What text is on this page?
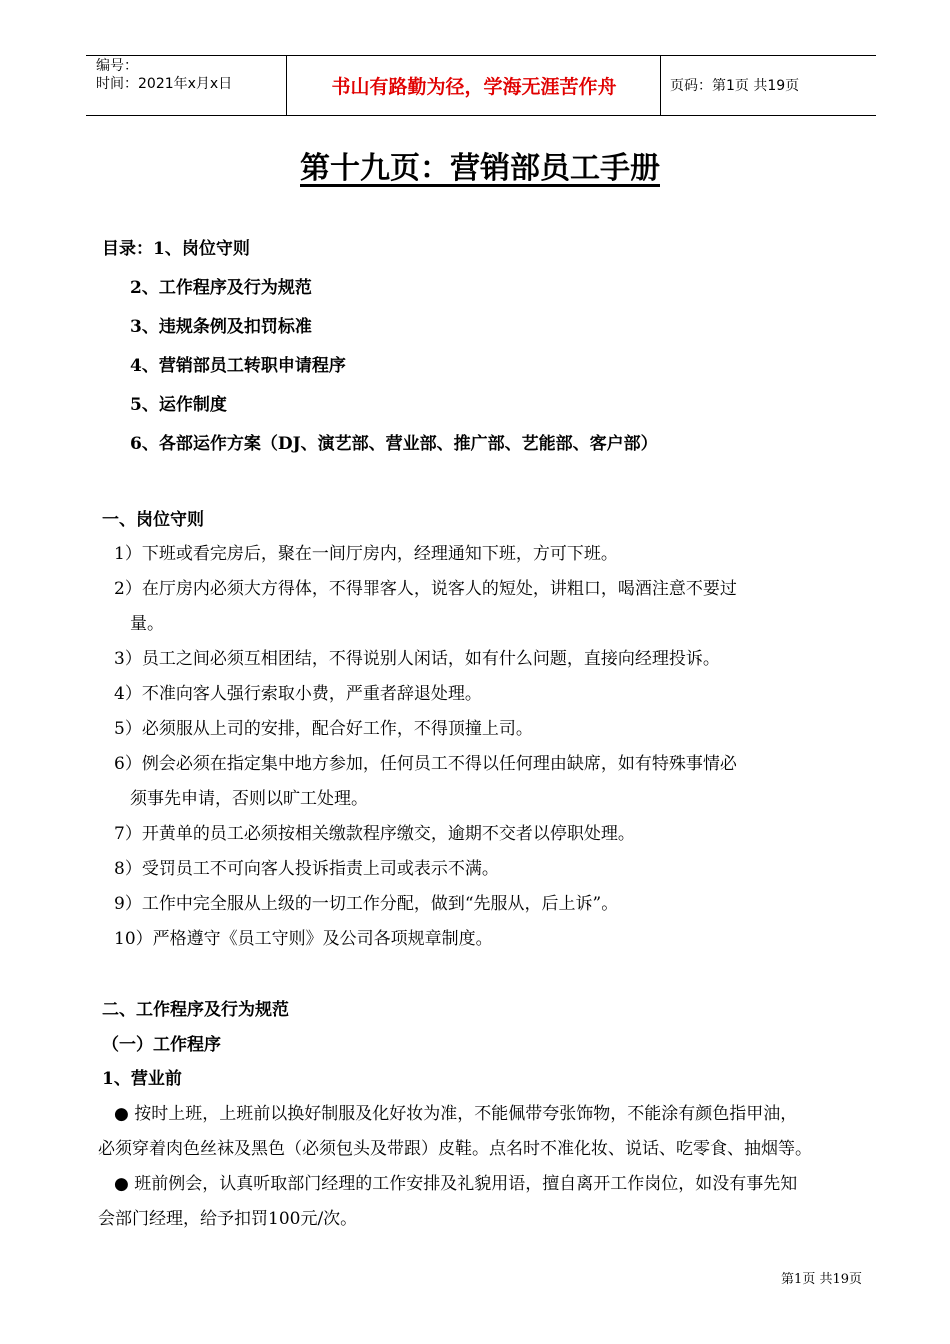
编号：
时间：2021年x月x日	书山有路勤为径，学海无涯苦作舟	页码：第1页 共19页
第十九页：营销部员工手册
目录：1、岗位守则
2、工作程序及行为规范
3、违规条例及扣罚标准
4、营销部员工转职申请程序
5、运作制度
6、各部运作方案（DJ、演艺部、营业部、推广部、艺能部、客户部）
一、岗位守则
1）下班或看完房后，聚在一间厅房内，经理通知下班，方可下班。
2）在厅房内必须大方得体，不得罪客人，说客人的短处，讲粗口，喝酒注意不要过
量。
3）员工之间必须互相团结，不得说别人闲话，如有什么问题，直接向经理投诉。
4）不准向客人强行索取小费，严重者辞退处理。
5）必须服从上司的安排，配合好工作，不得顶撞上司。
6）例会必须在指定集中地方参加，任何员工不得以任何理由缺席，如有特殊事情必
须事先申请，否则以旷工处理。
7）开黄单的员工必须按相关缴款程序缴交，逾期不交者以停职处理。
8）受罚员工不可向客人投诉指责上司或表示不满。
9）工作中完全服从上级的一切工作分配，做到“先服从，后上诉”。
10）严格遵守《员工守则》及公司各项规章制度。
二、工作程序及行为规范
（一）工作程序
1、营业前
● 按时上班，上班前以换好制服及化好妆为准，不能佩带夸张饰物，不能涂有颜色指甲油，
必须穿着肉色丝袜及黑色（必须包头及带跟）皮鞋。点名时不准化妆、说话、吃零食、抽烟等。
● 班前例会，认真听取部门经理的工作安排及礼貌用语，擅自离开工作岗位，如没有事先知
会部门经理，给予扣罚100元/次。
第1页 共19页
